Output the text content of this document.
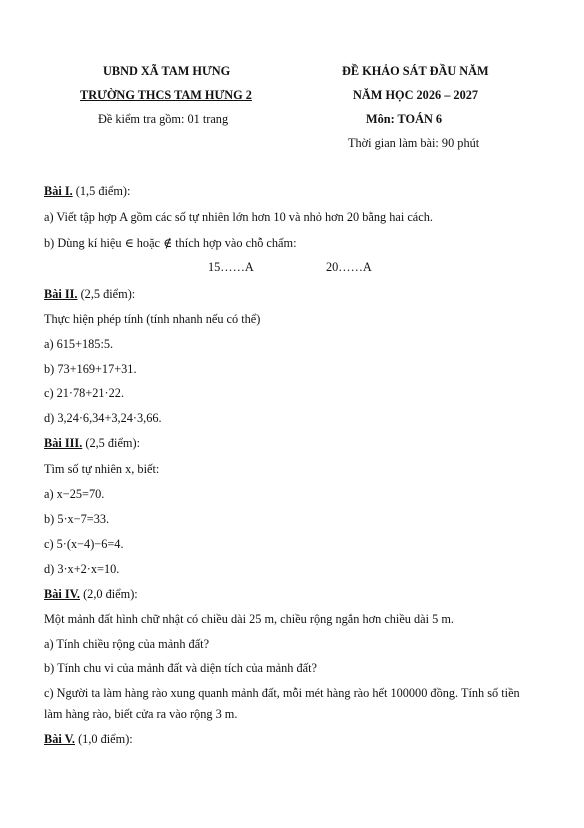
UBND XÃ TAM HƯNG
TRƯỜNG THCS TAM HƯNG 2
Đề kiểm tra gồm: 01 trang
ĐỀ KHẢO SÁT ĐẦU NĂM
NĂM HỌC 2026 – 2027
Môn: TOÁN 6
Thời gian làm bài: 90 phút
Bài I. (1,5 điểm):
a) Viết tập hợp A gồm các số tự nhiên lớn hơn 10 và nhỏ hơn 20 bằng hai cách.
b) Dùng kí hiệu ∈ hoặc ∉ thích hợp vào chỗ chấm:
15……A	20……A
Bài II. (2,5 điểm):
Thực hiện phép tính (tính nhanh nếu có thể)
a) 615+185:5.
b) 73+169+17+31.
c) 21·78+21·22.
d) 3,24·6,34+3,24·3,66.
Bài III. (2,5 điểm):
Tìm số tự nhiên x, biết:
a) x−25=70.
b) 5·x−7=33.
c) 5·(x−4)−6=4.
d) 3·x+2·x=10.
Bài IV. (2,0 điểm):
Một mảnh đất hình chữ nhật có chiều dài 25 m, chiều rộng ngắn hơn chiều dài 5 m.
a) Tính chiều rộng của mảnh đất?
b) Tính chu vi của mảnh đất và diện tích của mảnh đất?
c) Người ta làm hàng rào xung quanh mảnh đất, mỗi mét hàng rào hết 100000 đồng. Tính số tiền
làm hàng rào, biết cửa ra vào rộng 3 m.
Bài V. (1,0 điểm):
